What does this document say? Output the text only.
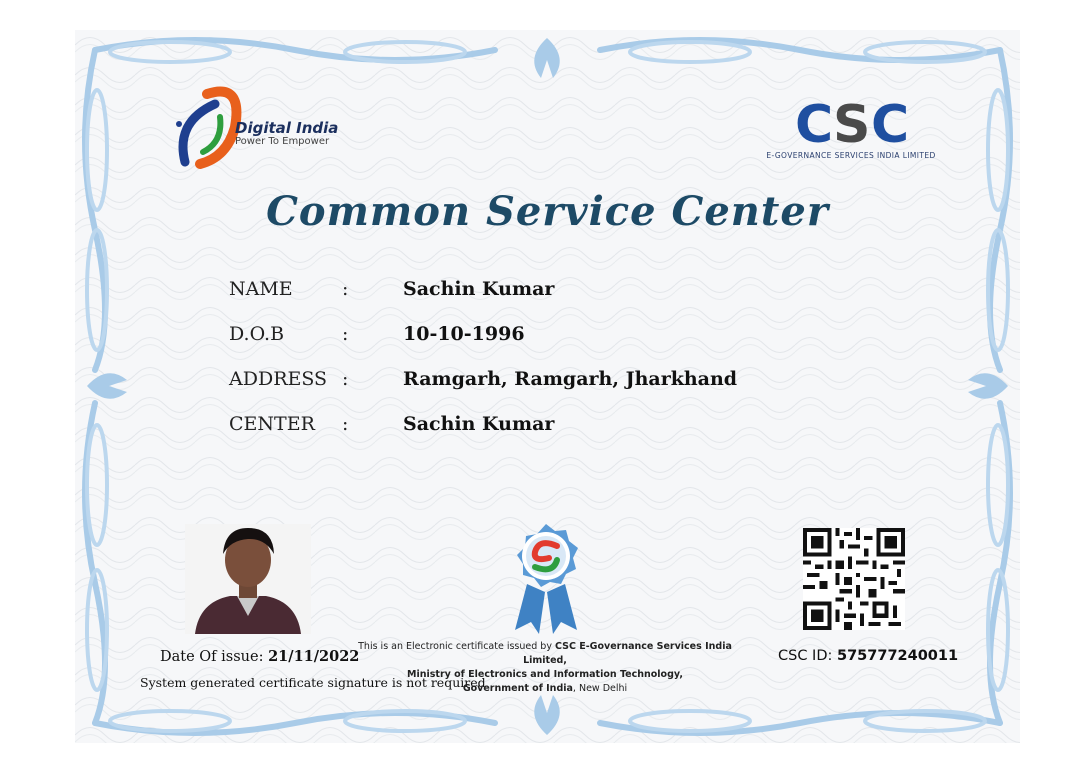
Digital India
Power To Empower	C S C
E-GOVERNANCE SERVICES INDIA LIMITED
Common Service Center
NAME	:	Sachin Kumar
D.O.B	:	10-10-1996
ADDRESS :	Ramgarh, Ramgarh, Jharkhand
CENTER :	Sachin Kumar
Date Of issue: 21/11/2022
System generated certificate signature is not required
This is an Electronic certificate issued by CSC E-Governance Services India Limited,
Ministry of Electronics and Information Technology,
Government of India, New Delhi
CSC ID: 575777240011
